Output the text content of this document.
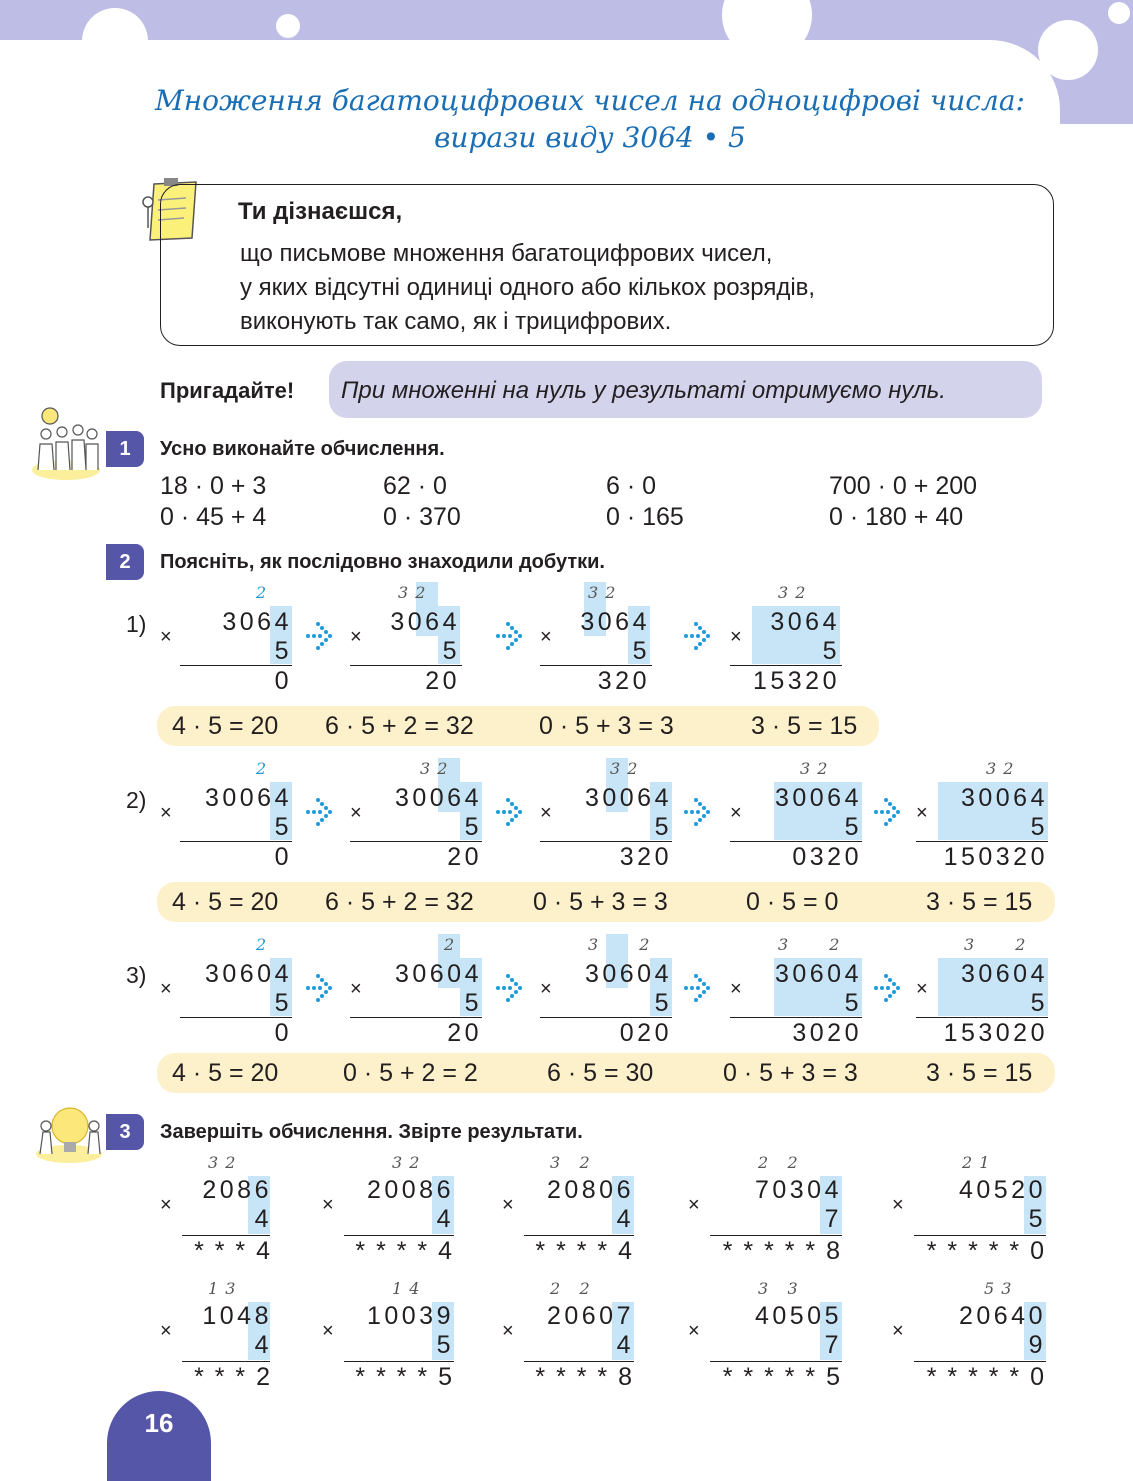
Множення багатоцифрових чисел на одноцифрові числа:
вирази виду 3064 • 5
Ти дізнаєшся,
що письмове множення багатоцифрових чисел,
у яких відсутні одиниці одного або кількох розрядів,
виконують так само, як і трицифрових.
Пригадайте! При множенні на нуль у результаті отримуємо нуль.
1	Усно виконайте обчислення.
18 · 0 + 3	62 · 0	6 · 0	700 · 0 + 200
0 · 45 + 4	0 · 370	0 · 165	0 · 180 + 40
2	Поясніть, як послідовно знаходили добутки.
1)
2
×
3064
5
0
3 2
×
3064
5
20
3 2
×
3064
5
320
3 2
×
3064
5
15320
4 · 5 = 20 6 · 5 + 2 = 32	0 · 5 + 3 = 3	3 · 5 = 15
2)
2
×
30064
5
0
3 2
×
30064
5
20
3 2
×
30064
5
320
3 2
×
30064
5
0320
3 2
×
30064
5
150320
4 · 5 = 20 6 · 5 + 2 = 32 0 · 5 + 3 = 3	0 · 5 = 0	3 · 5 = 15
3)
2
×
30604
5
0
2
×
30604
5
20
3 2
×
30604
5
020
3 2
×
30604
5
3020
3 2
×
30604
5
153020
4 · 5 = 20	0 · 5 + 2 = 2	6 · 5 = 30	0 · 5 + 3 = 3	3 · 5 = 15
3	Завершіть обчислення. Звірте результати.
3 2
×
2086
4
* * * 4
3 2
×
20086
4
* * * * 4
3   2
×
20806
4
* * * * 4
2   2
×
70304
7
* * * * * 8
2 1
×
40520
5
* * * * * 0
1 3
×
1048
4
* * * 2
1 4
×
10039
5
* * * * 5
2   2
×
20607
4
* * * * 8
3   3
×
40505
7
* * * * * 5
5 3
×
20640
9
* * * * * 0
16
